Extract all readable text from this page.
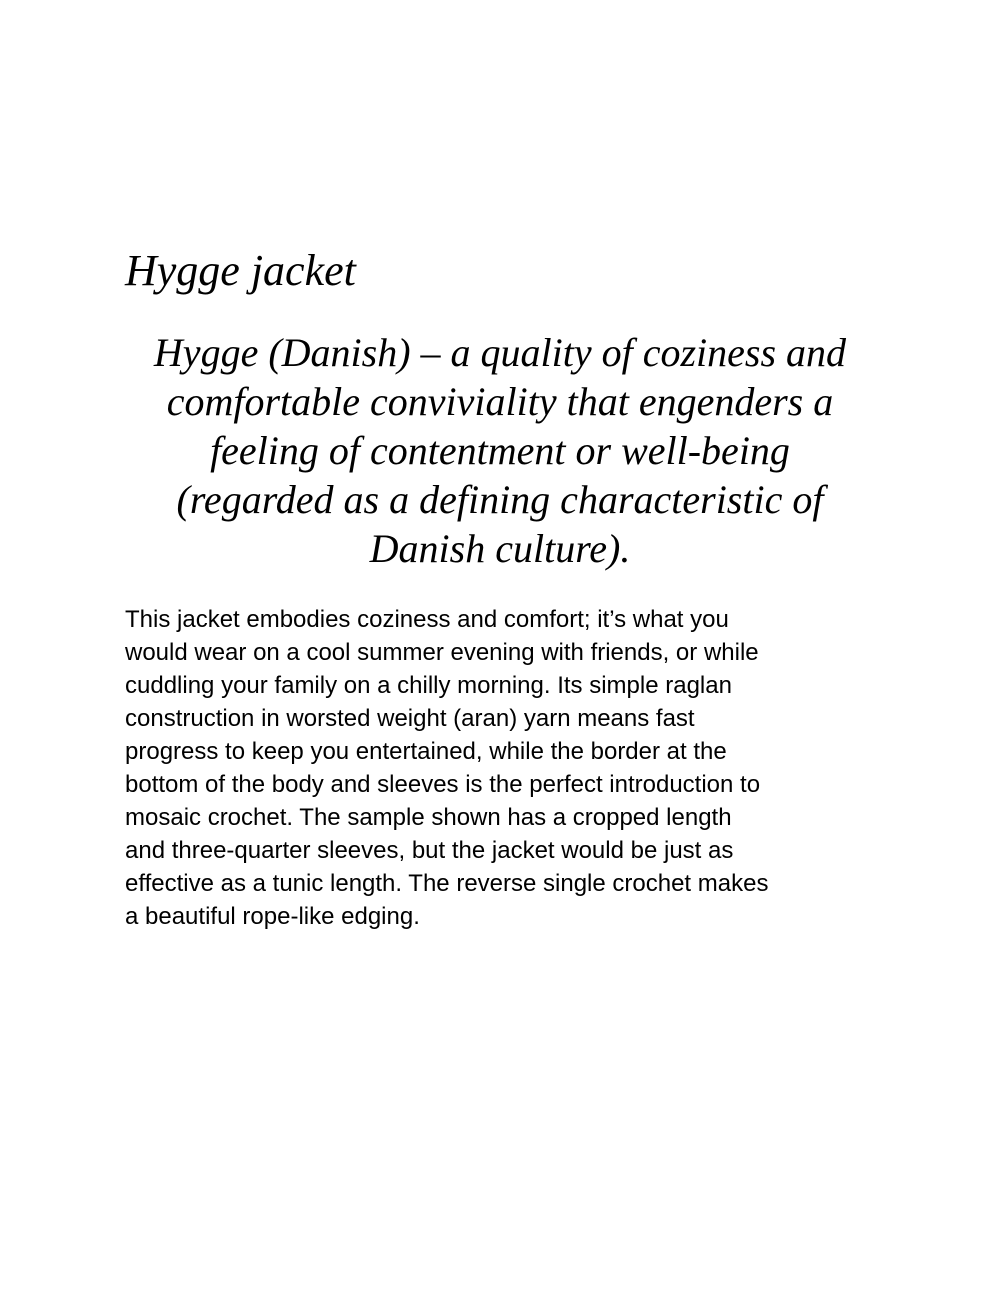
Hygge jacket

Hygge (Danish) – a quality of coziness and
comfortable conviviality that engenders a
feeling of contentment or well-being
(regarded as a defining characteristic of
Danish culture).

This jacket embodies coziness and comfort; it’s what you
would wear on a cool summer evening with friends, or while
cuddling your family on a chilly morning. Its simple raglan
construction in worsted weight (aran) yarn means fast
progress to keep you entertained, while the border at the
bottom of the body and sleeves is the perfect introduction to
mosaic crochet. The sample shown has a cropped length
and three-quarter sleeves, but the jacket would be just as
effective as a tunic length. The reverse single crochet makes
a beautiful rope-like edging.
